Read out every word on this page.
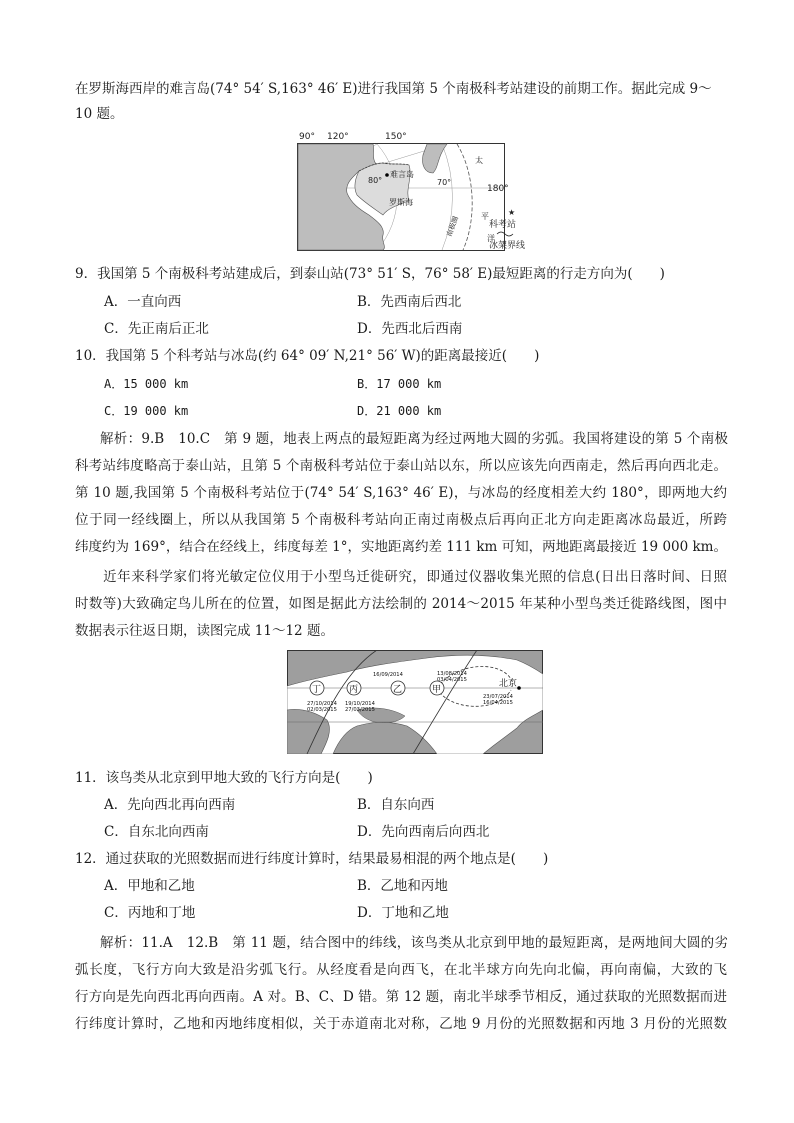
在罗斯海西岸的难言岛(74° 54′ S,163° 46′ E)进行我国第 5 个南极科考站建设的前期工作。据此完成 9～
10 题。
80°	70°
难言岛
罗斯海
南极圈
太
平
洋
90° 120°	150°
180°
★
科考站
冰架界线
9．我国第 5 个南极科考站建成后，到泰山站(73° 51′ S，76° 58′ E)最短距离的行走方向为(　　)
A．一直向西	B．先西南后西北
C．先正南后正北	D．先西北后西南
10．我国第 5 个科考站与冰岛(约 64° 09′ N,21° 56′ W)的距离最接近(　　)
A．15 000 km	B．17 000 km
C．19 000 km	D．21 000 km
解析：9.B　10.C　第 9 题，地表上两点的最短距离为经过两地大圆的劣弧。我国将建设的第 5 个南极
科考站纬度略高于泰山站，且第 5 个南极科考站位于泰山站以东，所以应该先向西南走，然后再向西北走。
第 10 题,我国第 5 个南极科考站位于(74° 54′ S,163° 46′ E)，与冰岛的经度相差大约 180°，即两地大约
位于同一经线圈上，所以从我国第 5 个南极科考站向正南过南极点后再向正北方向走距离冰岛最近，所跨
纬度约为 169°，结合在经线上，纬度每差 1°，实地距离约差 111 km 可知，两地距离最接近 19 000 km。
　　近年来科学家们将光敏定位仪用于小型鸟迁徙研究，即通过仪器收集光照的信息(日出日落时间、日照
时数等)大致确定鸟儿所在的位置，如图是据此方法绘制的 2014～2015 年某种小型鸟类迁徙路线图，图中
数据表示往返日期，读图完成 11～12 题。
丁	丙	乙	甲
北京
27/10/2014
02/03/2015
19/10/2014
27/03/2015
16/09/2014	13/08/2014
03/04/2015
23/07/2014
16/04/2015
11．该鸟类从北京到甲地大致的飞行方向是(　　)
A．先向西北再向西南	B．自东向西
C．自东北向西南	D．先向西南后向西北
12．通过获取的光照数据而进行纬度计算时，结果最易相混的两个地点是(　　)
A．甲地和乙地	B．乙地和丙地
C．丙地和丁地	D．丁地和乙地
解析：11.A　12.B　第 11 题，结合图中的纬线，该鸟类从北京到甲地的最短距离，是两地间大圆的劣
弧长度，飞行方向大致是沿劣弧飞行。从经度看是向西飞，在北半球方向先向北偏，再向南偏，大致的飞
行方向是先向西北再向西南。A 对。B、C、D 错。第 12 题，南北半球季节相反，通过获取的光照数据而进
行纬度计算时，乙地和丙地纬度相似，关于赤道南北对称，乙地 9 月份的光照数据和丙地 3 月份的光照数
